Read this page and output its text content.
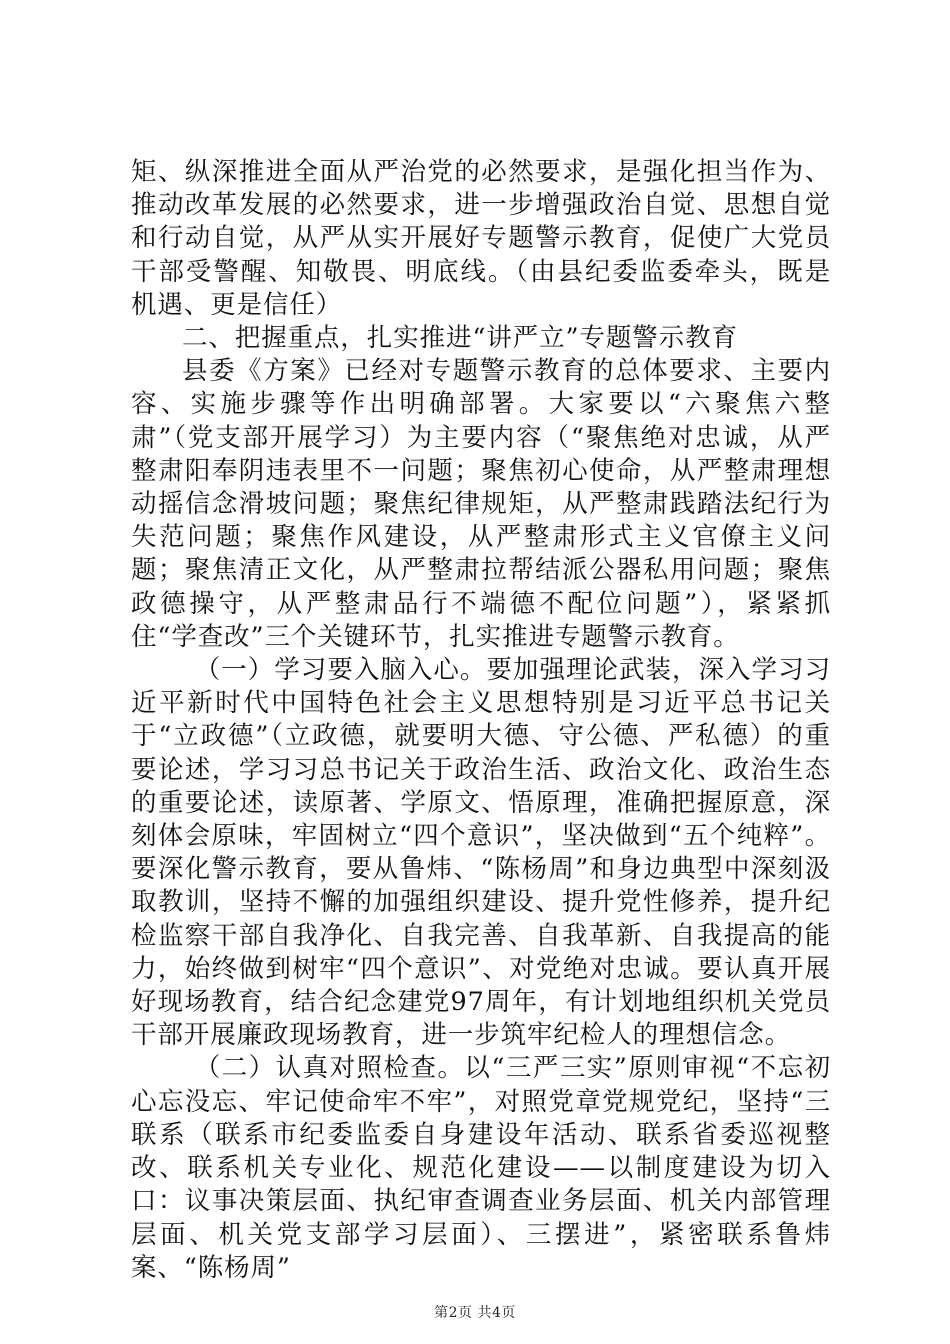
矩、纵深推进全面从严治党的必然要求，是强化担当作为、推动改革发展的必然要求，进一步增强政治自觉、思想自觉和行动自觉，从严从实开展好专题警示教育，促使广大党员干部受警醒、知敬畏、明底线。（由县纪委监委牵头，既是机遇、更是信任）

二、把握重点，扎实推进“讲严立”专题警示教育

县委《方案》已经对专题警示教育的总体要求、主要内容、实施步骤等作出明确部署。大家要以“六聚焦六整肃”（党支部开展学习）为主要内容（“聚焦绝对忠诚，从严整肃阳奉阴违表里不一问题；聚焦初心使命，从严整肃理想动摇信念滑坡问题；聚焦纪律规矩，从严整肃践踏法纪行为失范问题；聚焦作风建设，从严整肃形式主义官僚主义问题；聚焦清正文化，从严整肃拉帮结派公器私用问题；聚焦政德操守，从严整肃品行不端德不配位问题”），紧紧抓住“学查改”三个关键环节，扎实推进专题警示教育。

（一）学习要入脑入心。要加强理论武装，深入学习习近平新时代中国特色社会主义思想特别是习近平总书记关于“立政德”（立政德，就要明大德、守公德、严私德）的重要论述，学习习总书记关于政治生活、政治文化、政治生态的重要论述，读原著、学原文、悟原理，准确把握原意，深刻体会原味，牢固树立“四个意识”，坚决做到“五个纯粹”。要深化警示教育，要从鲁炜、“陈杨周”和身边典型中深刻汲取教训，坚持不懈的加强组织建设、提升党性修养，提升纪检监察干部自我净化、自我完善、自我革新、自我提高的能力，始终做到树牢“四个意识”、对党绝对忠诚。要认真开展好现场教育，结合纪念建党97周年，有计划地组织机关党员干部开展廉政现场教育，进一步筑牢纪检人的理想信念。

（二）认真对照检查。以“三严三实”原则审视“不忘初心忘没忘、牢记使命牢不牢”，对照党章党规党纪，坚持“三联系（联系市纪委监委自身建设年活动、联系省委巡视整改、联系机关专业化、规范化建设——以制度建设为切入口：议事决策层面、执纪审查调查业务层面、机关内部管理层面、机关党支部学习层面）、三摆进”，紧密联系鲁炜案、“陈杨周”

第2页 共4页
